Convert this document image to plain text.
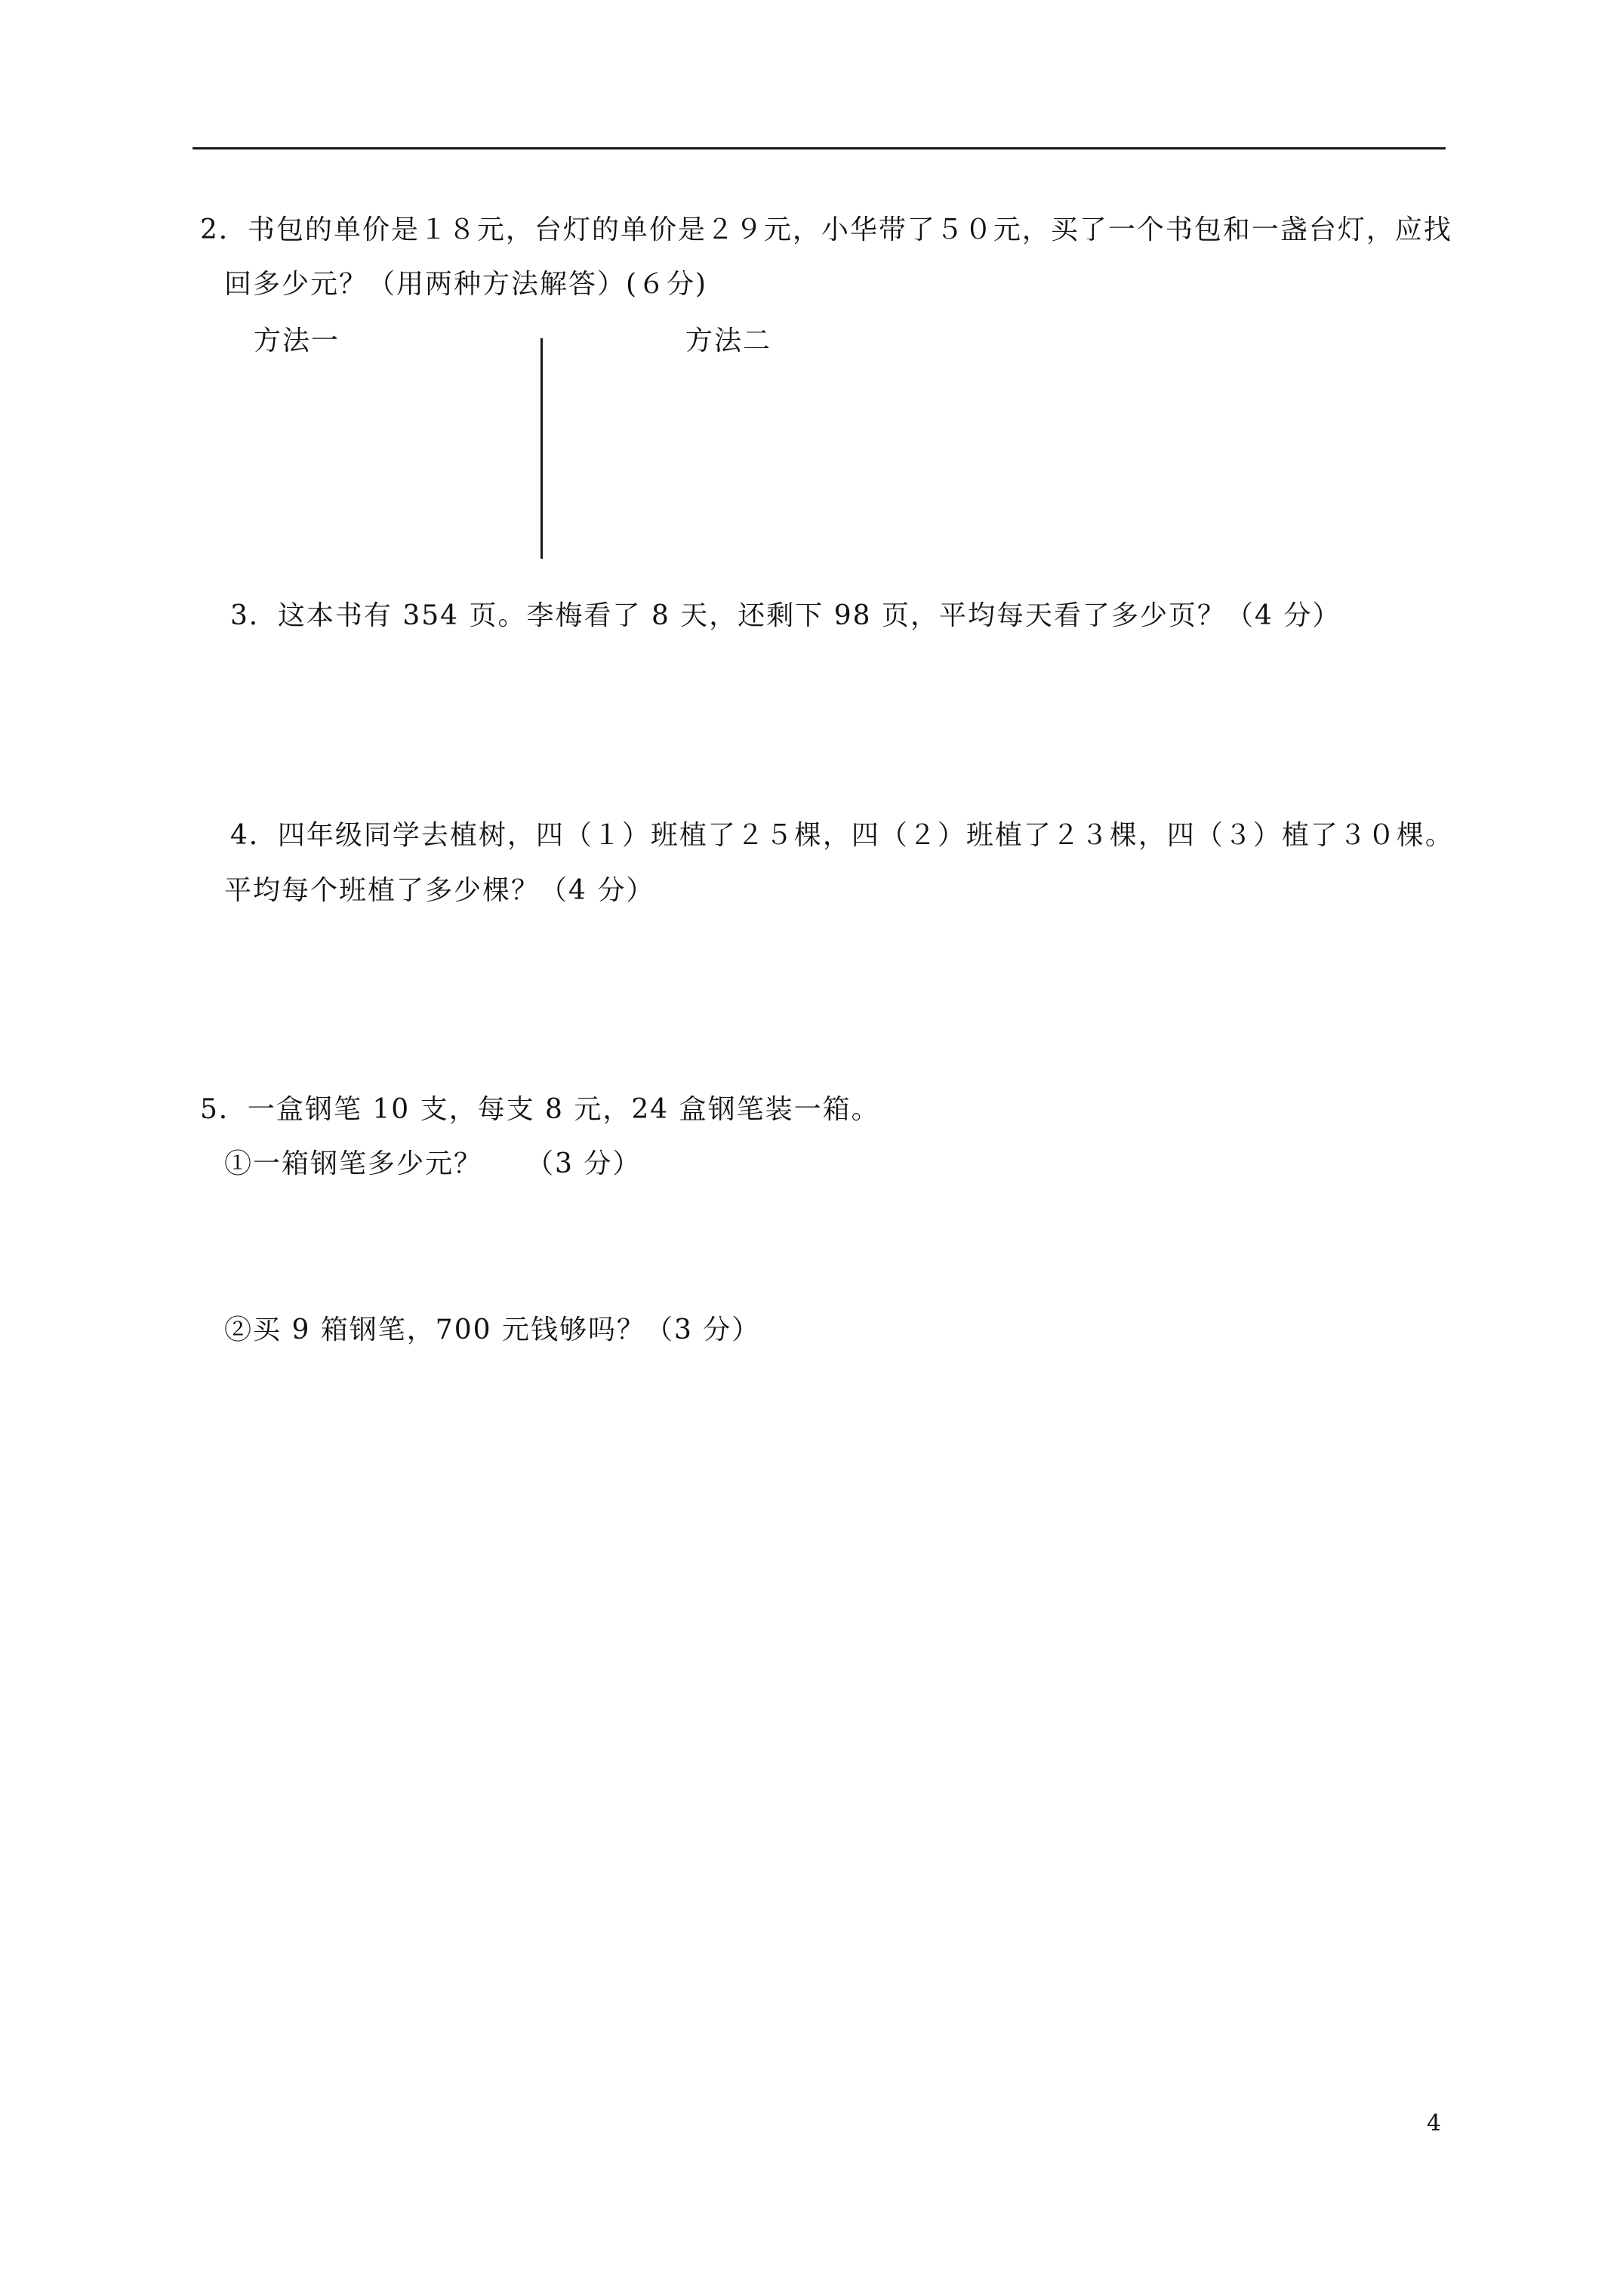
2．书包的单价是１８元，台灯的单价是２９元，小华带了５０元，买了一个书包和一盏台灯，应找
回多少元？（用两种方法解答）(６分)
方法一	方法二
3．这本书有 354 页。李梅看了 8 天，还剩下 98 页，平均每天看了多少页？（4 分）
4．四年级同学去植树，四（１）班植了２５棵，四（２）班植了２３棵，四（３）植了３０棵。
平均每个班植了多少棵？（4 分）
5．一盒钢笔 10 支，每支 8 元，24 盒钢笔装一箱。
①一箱钢笔多少元？　　（3 分）
②买 9 箱钢笔，700 元钱够吗？（3 分）
4
